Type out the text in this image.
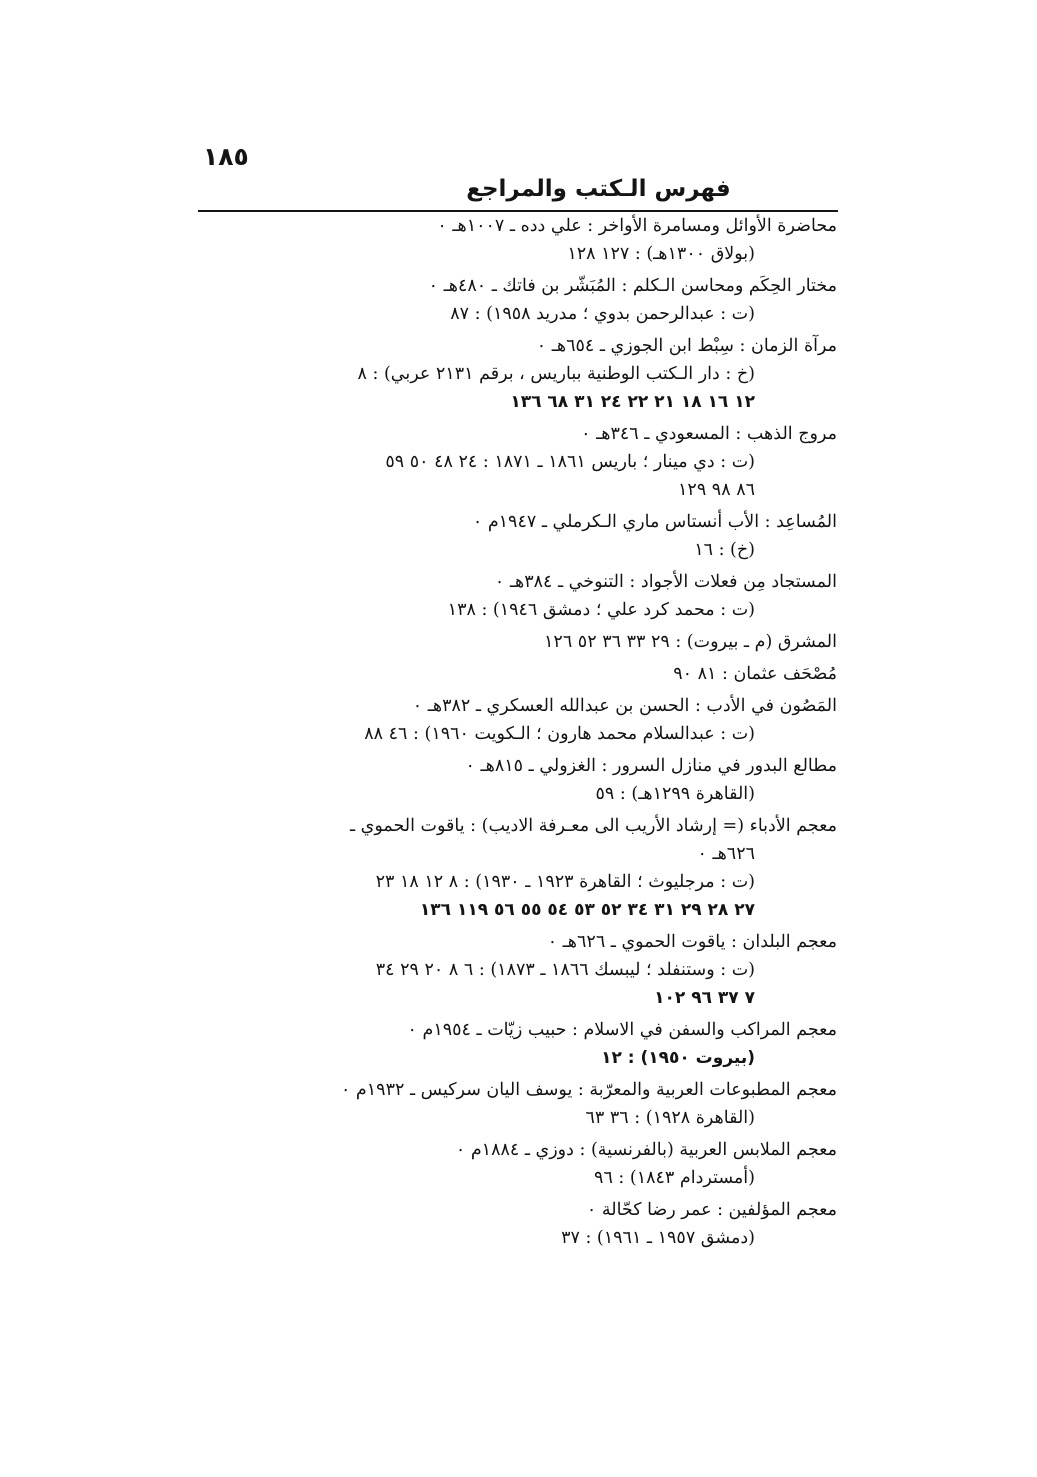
١٨٥
فهرس الـكتب والمراجع
محاضرة الأوائل ومسامرة الأواخر : علي دده ـ ١٠٠٧هـ ٠
(بولاق ١٣٠٠هـ) : ١٢٧ ١٢٨
مختار الحِكَم ومحاسن الـكلم : المُبَشّر بن فاتك ـ ٤٨٠هـ ٠
(ت : عبدالرحمن بدوي ؛ مدريد ١٩٥٨) : ٨٧
مرآة الزمان : سِبْط ابن الجوزي ـ ٦٥٤هـ ٠
(خ : دار الـكتب الوطنية بباريس ، برقم ٢١٣١ عربي) : ٨
١٢ ١٦ ١٨ ٢١ ٢٢ ٢٤ ٣١ ٦٨ ١٣٦
مروج الذهب : المسعودي ـ ٣٤٦هـ ٠
(ت : دي مينار ؛ باريس ١٨٦١ ـ ١٨٧١ : ٢٤ ٤٨ ٥٠ ٥٩
٨٦ ٩٨ ١٢٩
المُساعِد : الأب أنستاس ماري الـكرملي ـ ١٩٤٧م ٠
(خ) : ١٦
المستجاد مِن فعلات الأجواد : التنوخي ـ ٣٨٤هـ ٠
(ت : محمد كرد علي ؛ دمشق ١٩٤٦) : ١٣٨
المشرق (م ـ بيروت) : ٢٩ ٣٣ ٣٦ ٥٢ ١٢٦
مُصْحَف عثمان : ٨١ ٩٠
المَصُون في الأدب : الحسن بن عبدالله العسكري ـ ٣٨٢هـ ٠
(ت : عبدالسلام محمد هارون ؛ الـكويت ١٩٦٠) : ٤٦ ٨٨
مطالع البدور في منازل السرور : الغزولي ـ ٨١٥هـ ٠
(القاهرة ١٢٩٩هـ) : ٥٩
معجم الأدباء (= إرشاد الأريب الى معـرفة الاديب) : ياقوت الحموي ـ
٦٢٦هـ ٠
(ت : مرجليوث ؛ القاهرة ١٩٢٣ ـ ١٩٣٠) : ٨ ١٢ ١٨ ٢٣
٢٧ ٢٨ ٢٩ ٣١ ٣٤ ٥٢ ٥٣ ٥٤ ٥٥ ٥٦ ١١٩ ١٣٦
معجم البلدان : ياقوت الحموي ـ ٦٢٦هـ ٠
(ت : وستنفلد ؛ ليبسك ١٨٦٦ ـ ١٨٧٣) : ٦ ٨ ٢٠ ٢٩ ٣٤
٧ ٣٧ ٩٦ ١٠٢
معجم المراكب والسفن في الاسلام : حبيب زيّات ـ ١٩٥٤م ٠
(بيروت ١٩٥٠) : ١٢
معجم المطبوعات العربية والمعرّبة : يوسف اليان سركيس ـ ١٩٣٢م ٠
(القاهرة ١٩٢٨) : ٣٦ ٦٣
معجم الملابس العربية (بالفرنسية) : دوزي ـ ١٨٨٤م ٠
(أمستردام ١٨٤٣) : ٩٦
معجم المؤلفين : عمر رضا كحّالة ٠
(دمشق ١٩٥٧ ـ ١٩٦١) : ٣٧
